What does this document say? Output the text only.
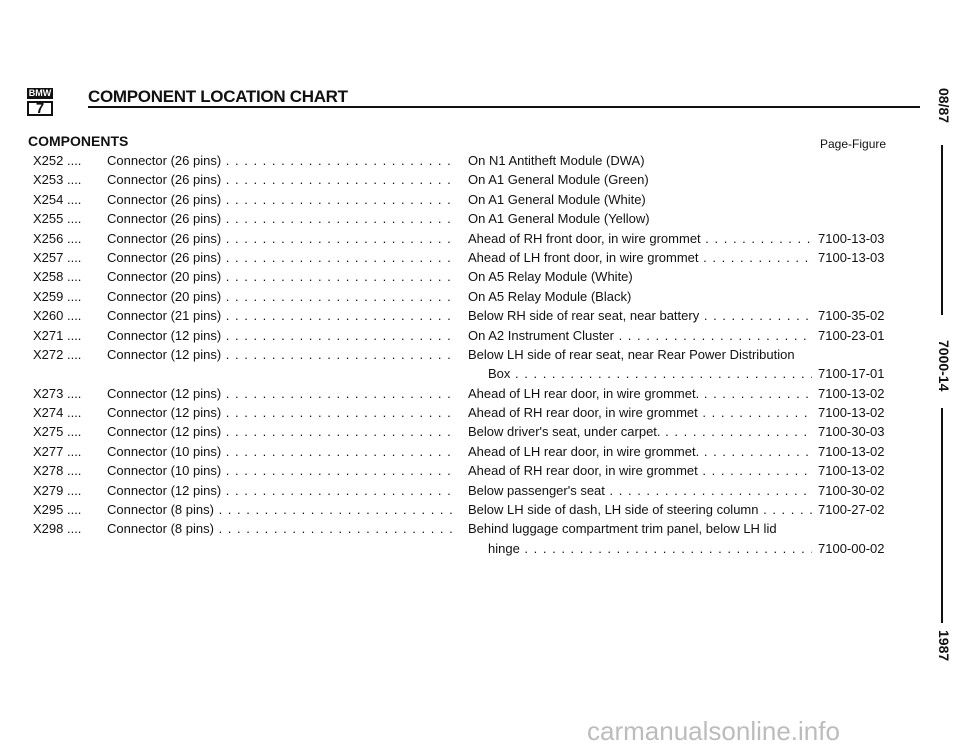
BMW
7
COMPONENT LOCATION CHART
COMPONENTS	Page-Figure
X252 ....	Connector (26 pins) . . .	On N1 Antitheft Module (DWA)
X253 ....	Connector (26 pins) . . .	On A1 General Module (Green)
X254 ....	Connector (26 pins) . . .	On A1 General Module (White)
X255 ....	Connector (26 pins) . . .	On A1 General Module (Yellow)
X256 ....	Connector (26 pins) . . .	Ahead of RH front door, in wire grommet . . .	7100-13-03
X257 ....	Connector (26 pins) . . .	Ahead of LH front door, in wire grommet . . .	7100-13-03
X258 ....	Connector (20 pins) . . .	On A5 Relay Module (White)
X259 ....	Connector (20 pins) . . .	On A5 Relay Module (Black)
X260 ....	Connector (21 pins) . . .	Below RH side of rear seat, near battery . . .	7100-35-02
X271 ....	Connector (12 pins) . . .	On A2 Instrument Cluster . . .	7100-23-01
X272 ....	Connector (12 pins) . . .	Below LH side of rear seat, near Rear Power Distribution
Box . . .	7100-17-01
X273 ....	Connector (12 pins) . . .	Ahead of LH rear door, in wire grommet. . . .	7100-13-02
X274 ....	Connector (12 pins) . . .	Ahead of RH rear door, in wire grommet . . .	7100-13-02
X275 ....	Connector (12 pins) . . .	Below driver's seat, under carpet. . . .	7100-30-03
X277 ....	Connector (10 pins) . . .	Ahead of LH rear door, in wire grommet. . . .	7100-13-02
X278 ....	Connector (10 pins) . . .	Ahead of RH rear door, in wire grommet . . .	7100-13-02
X279 ....	Connector (12 pins) . . .	Below passenger's seat . . .	7100-30-02
X295 ....	Connector (8 pins) . . .	Below LH side of dash, LH side of steering column . . .	7100-27-02
X298 ....	Connector (8 pins) . . .	Behind luggage compartment trim panel, below LH lid
hinge . . .	7100-00-02
08/87
7000-14
1987
carmanualsonline.info
